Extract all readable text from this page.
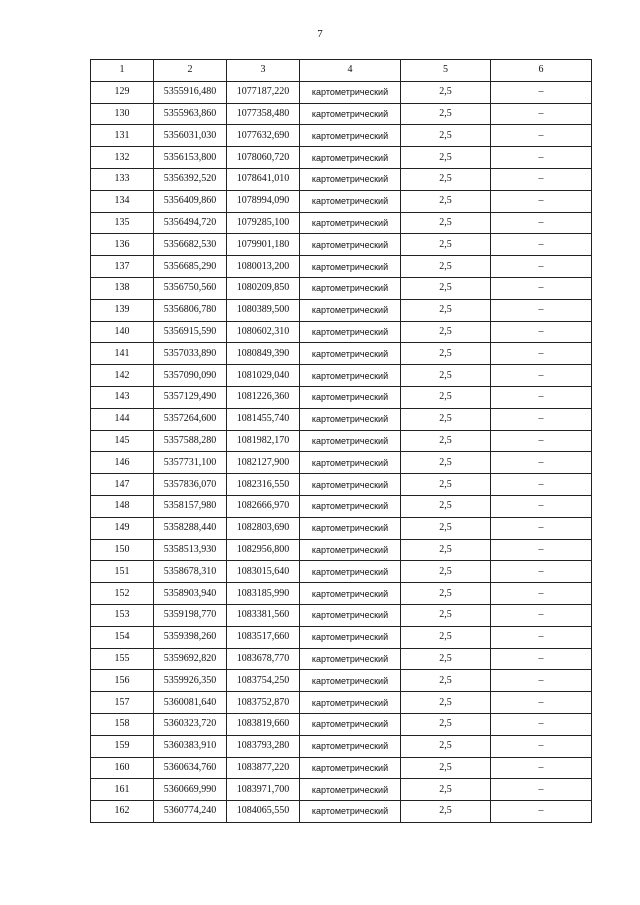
7
1	2	3	4	5	6
129	5355916,480	1077187,220	картометрический	2,5	–
130	5355963,860	1077358,480	картометрический	2,5	–
131	5356031,030	1077632,690	картометрический	2,5	–
132	5356153,800	1078060,720	картометрический	2,5	–
133	5356392,520	1078641,010	картометрический	2,5	–
134	5356409,860	1078994,090	картометрический	2,5	–
135	5356494,720	1079285,100	картометрический	2,5	–
136	5356682,530	1079901,180	картометрический	2,5	–
137	5356685,290	1080013,200	картометрический	2,5	–
138	5356750,560	1080209,850	картометрический	2,5	–
139	5356806,780	1080389,500	картометрический	2,5	–
140	5356915,590	1080602,310	картометрический	2,5	–
141	5357033,890	1080849,390	картометрический	2,5	–
142	5357090,090	1081029,040	картометрический	2,5	–
143	5357129,490	1081226,360	картометрический	2,5	–
144	5357264,600	1081455,740	картометрический	2,5	–
145	5357588,280	1081982,170	картометрический	2,5	–
146	5357731,100	1082127,900	картометрический	2,5	–
147	5357836,070	1082316,550	картометрический	2,5	–
148	5358157,980	1082666,970	картометрический	2,5	–
149	5358288,440	1082803,690	картометрический	2,5	–
150	5358513,930	1082956,800	картометрический	2,5	–
151	5358678,310	1083015,640	картометрический	2,5	–
152	5358903,940	1083185,990	картометрический	2,5	–
153	5359198,770	1083381,560	картометрический	2,5	–
154	5359398,260	1083517,660	картометрический	2,5	–
155	5359692,820	1083678,770	картометрический	2,5	–
156	5359926,350	1083754,250	картометрический	2,5	–
157	5360081,640	1083752,870	картометрический	2,5	–
158	5360323,720	1083819,660	картометрический	2,5	–
159	5360383,910	1083793,280	картометрический	2,5	–
160	5360634,760	1083877,220	картометрический	2,5	–
161	5360669,990	1083971,700	картометрический	2,5	–
162	5360774,240	1084065,550	картометрический	2,5	–
